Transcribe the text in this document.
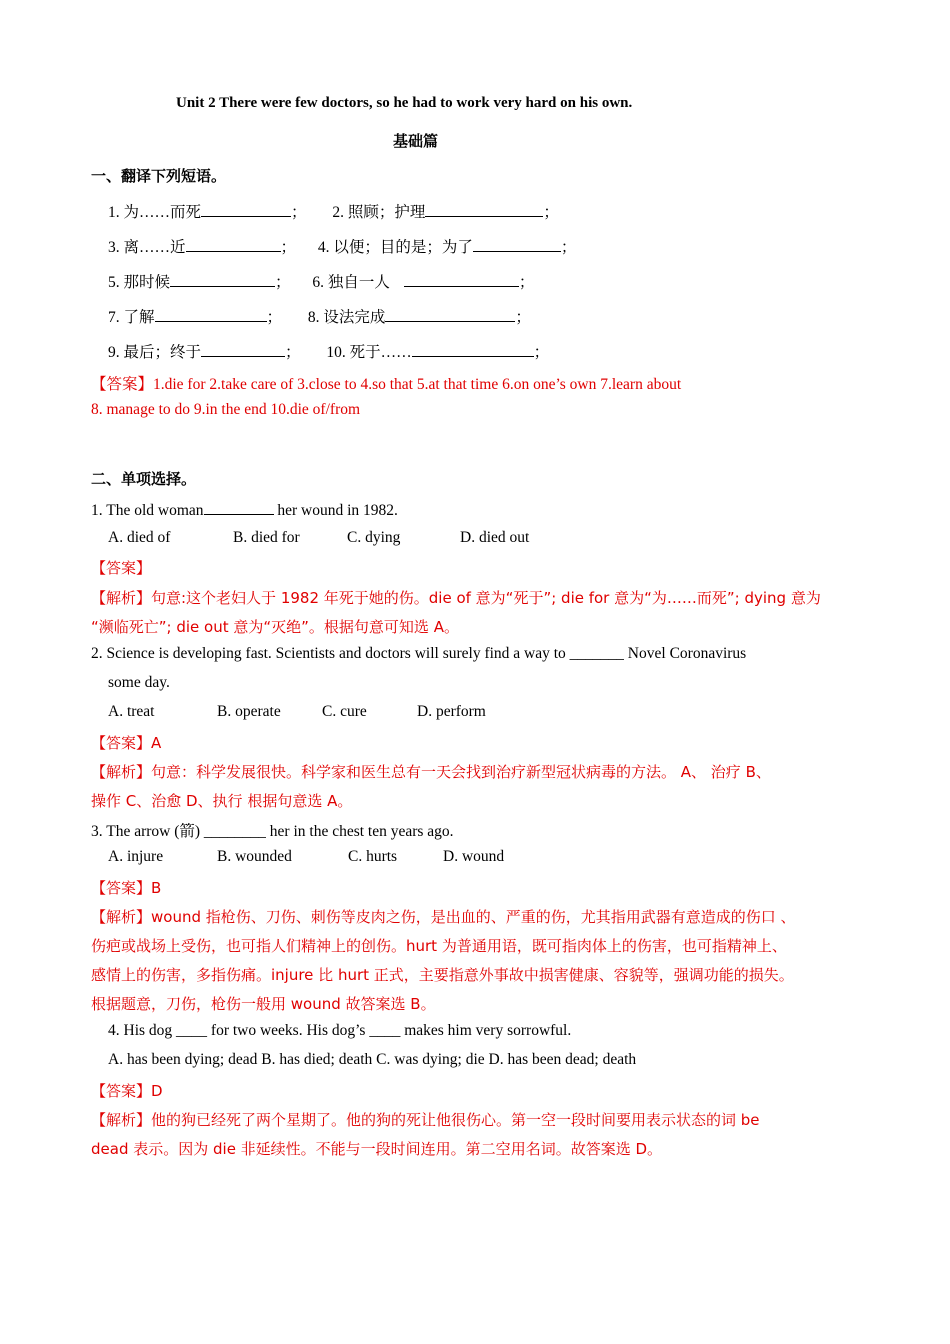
Unit 2 There were few doctors, so he had to work very hard on his own.
基础篇
一、翻译下列短语。
1. 为……而死	； 2. 照顾；护理	；
3. 离……近	； 4. 以便；目的是；为了	；
5. 那时候	； 6. 独自一人	；
7. 了解	； 8. 设法完成	；
9. 最后；终于	； 10. 死于……	；
【答案】1.die for 2.take care of 3.close to 4.so that 5.at that time 6.on one’s own 7.learn about
8. manage to do 9.in the end 10.die of/from
二、单项选择。
1. The old woman	her wound in 1982.
A. died of	B. died for	C. dying	D. died out
【答案】
【解析】句意:这个老妇人于 1982 年死于她的伤。die of 意为“死于”; die for 意为“为……而死”; dying 意为
“濒临死亡”; die out 意为“灭绝”。根据句意可知选 A。
2. Science is developing fast. Scientists and doctors will surely find a way to _______ Novel Coronavirus
some day.
A. treat	B. operate	C. cure	D. perform
【答案】A
【解析】句意：科学发展很快。科学家和医生总有一天会找到治疗新型冠状病毒的方法。 A、 治疗 B、
操作 C、治愈 D、执行 根据句意选 A。
3. The arrow (箭) ________ her in the chest ten years ago.
A. injure	B. wounded	C. hurts	D. wound
【答案】B
【解析】wound 指枪伤、刀伤、刺伤等皮肉之伤，是出血的、严重的伤，尤其指用武器有意造成的伤口 、
伤疤或战场上受伤，也可指人们精神上的创伤。hurt 为普通用语，既可指肉体上的伤害，也可指精神上、
感情上的伤害，多指伤痛。injure 比 hurt 正式，主要指意外事故中损害健康、容貌等，强调功能的损失。
根据题意，刀伤，枪伤一般用 wound 故答案选 B。
4. His dog ____ for two weeks. His dog’s ____ makes him very sorrowful.
A. has been dying; dead B. has died; death C. was dying; die D. has been dead; death
【答案】D
【解析】他的狗已经死了两个星期了。他的狗的死让他很伤心。第一空一段时间要用表示状态的词 be
dead 表示。因为 die 非延续性。不能与一段时间连用。第二空用名词。故答案选 D。
